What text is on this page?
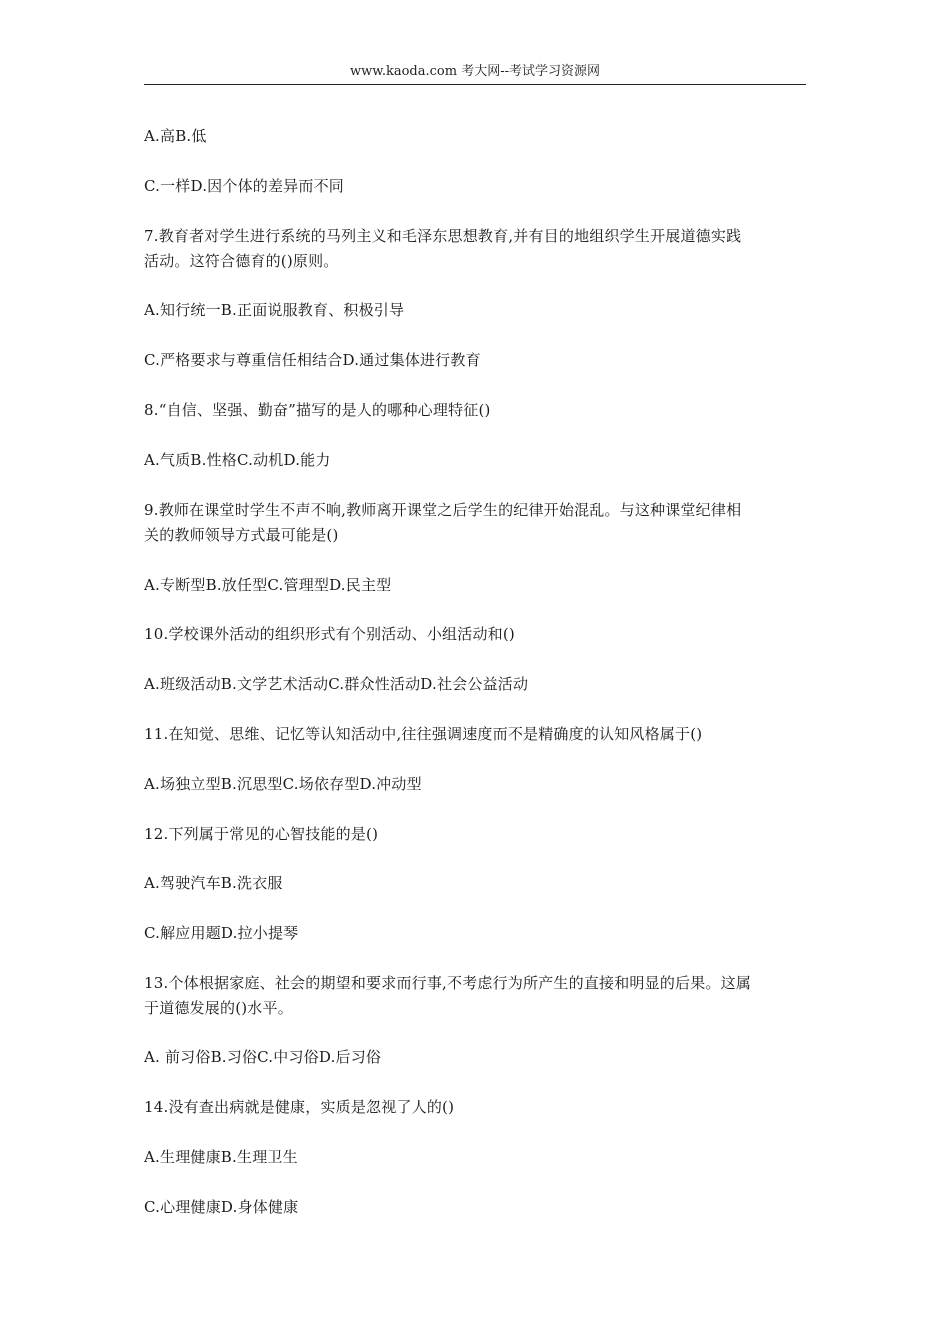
www.kaoda.com 考大网--考试学习资源网
A.高B.低
C.一样D.因个体的差异而不同
7.教育者对学生进行系统的马列主义和毛泽东思想教育,并有目的地组织学生开展道德实践
活动。这符合德育的()原则。
A.知行统一B.正面说服教育、积极引导
C.严格要求与尊重信任相结合D.通过集体进行教育
8.“自信、坚强、勤奋”描写的是人的哪种心理特征()
A.气质B.性格C.动机D.能力
9.教师在课堂时学生不声不响,教师离开课堂之后学生的纪律开始混乱。与这种课堂纪律相
关的教师领导方式最可能是()
A.专断型B.放任型C.管理型D.民主型
10.学校课外活动的组织形式有个别活动、小组活动和()
A.班级活动B.文学艺术活动C.群众性活动D.社会公益活动
11.在知觉、思维、记忆等认知活动中,往往强调速度而不是精确度的认知风格属于()
A.场独立型B.沉思型C.场依存型D.冲动型
12.下列属于常见的心智技能的是()
A.驾驶汽车B.洗衣服
C.解应用题D.拉小提琴
13.个体根据家庭、社会的期望和要求而行事,不考虑行为所产生的直接和明显的后果。这属
于道德发展的()水平。
A. 前习俗B.习俗C.中习俗D.后习俗
14.没有查出病就是健康，实质是忽视了人的()
A.生理健康B.生理卫生
C.心理健康D.身体健康
